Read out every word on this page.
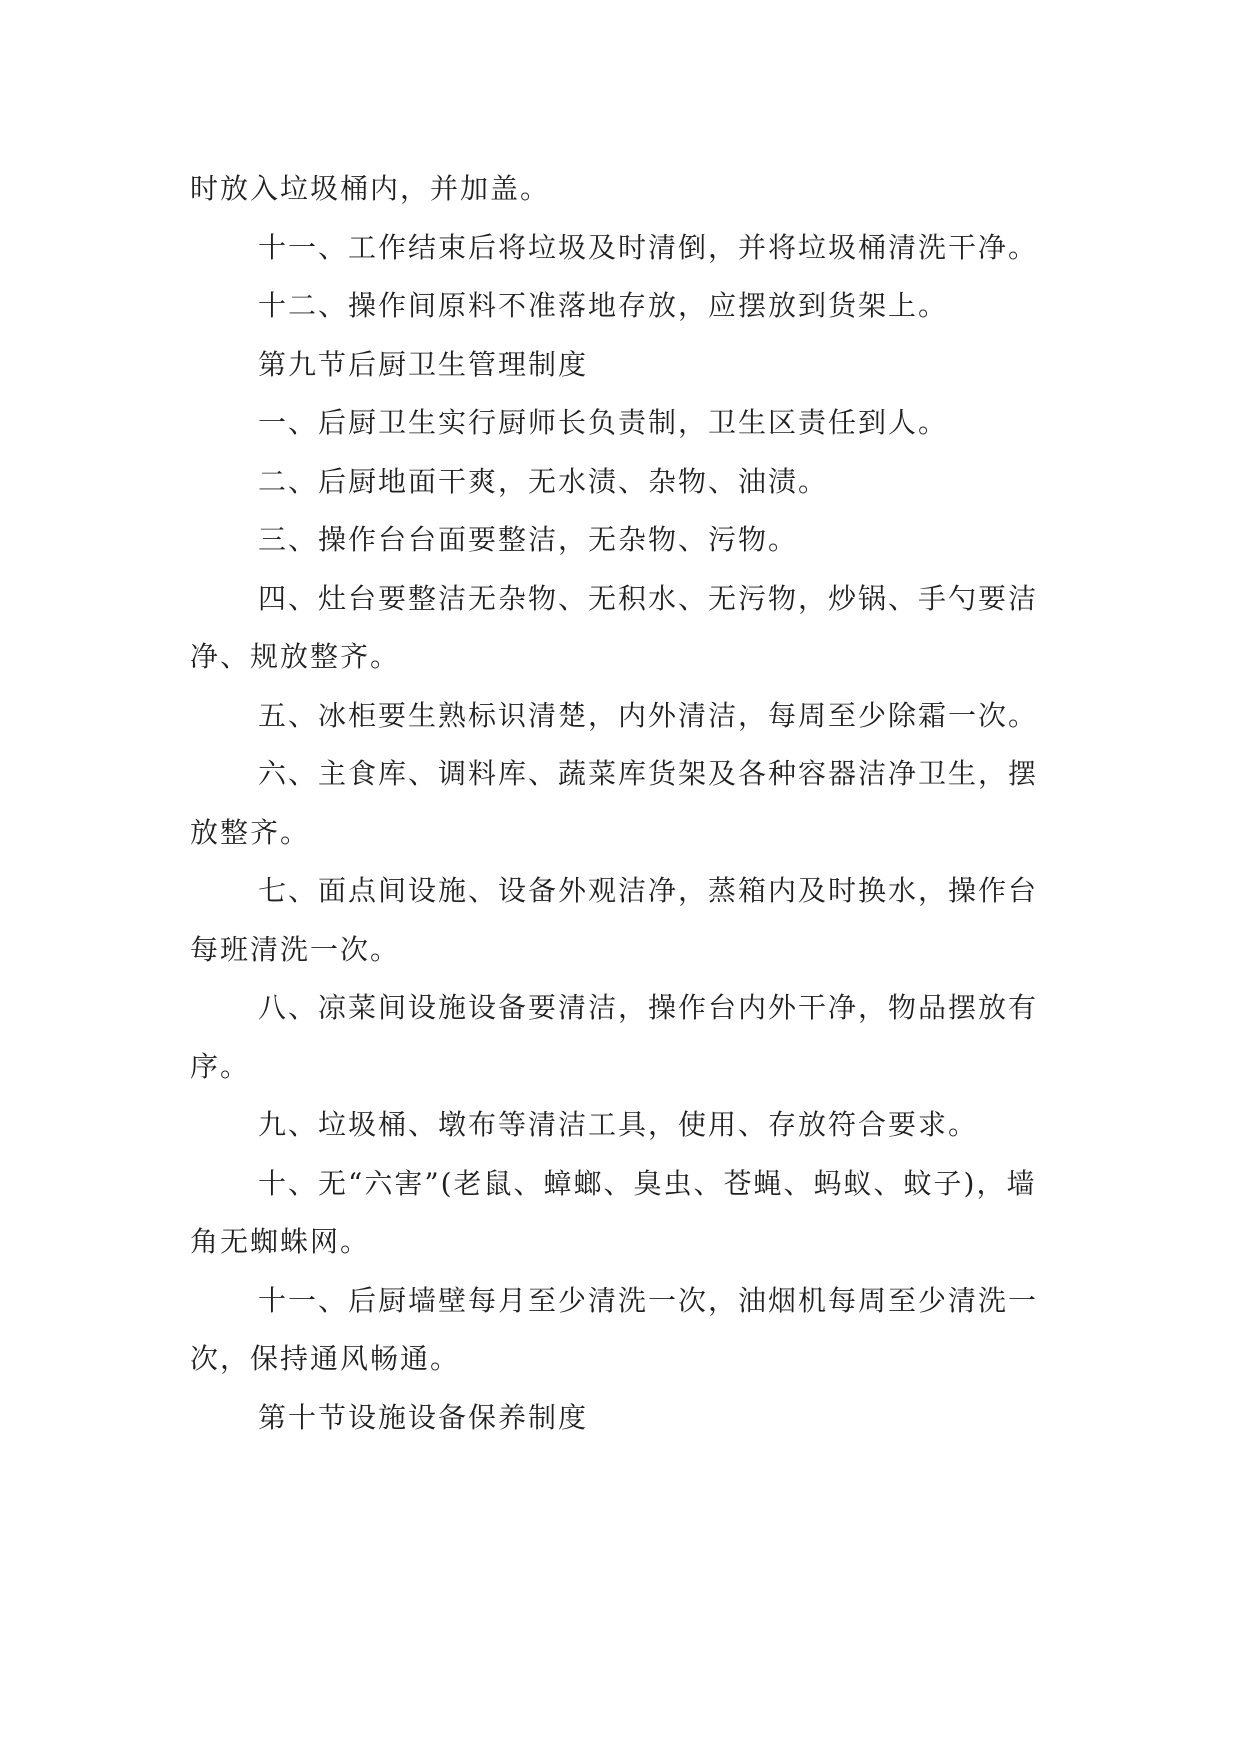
时放入垃圾桶内，并加盖。

十一、工作结束后将垃圾及时清倒，并将垃圾桶清洗干净。

十二、操作间原料不准落地存放，应摆放到货架上。

第九节后厨卫生管理制度

一、后厨卫生实行厨师长负责制，卫生区责任到人。

二、后厨地面干爽，无水渍、杂物、油渍。

三、操作台台面要整洁，无杂物、污物。

四、灶台要整洁无杂物、无积水、无污物，炒锅、手勺要洁净、规放整齐。

五、冰柜要生熟标识清楚，内外清洁，每周至少除霜一次。

六、主食库、调料库、蔬菜库货架及各种容器洁净卫生，摆放整齐。

七、面点间设施、设备外观洁净，蒸箱内及时换水，操作台每班清洗一次。

八、凉菜间设施设备要清洁，操作台内外干净，物品摆放有序。

九、垃圾桶、墩布等清洁工具，使用、存放符合要求。

十、无“六害”(老鼠、蟑螂、臭虫、苍蝇、蚂蚁、蚊子)，墙角无蜘蛛网。

十一、后厨墙壁每月至少清洗一次，油烟机每周至少清洗一次，保持通风畅通。

第十节设施设备保养制度
